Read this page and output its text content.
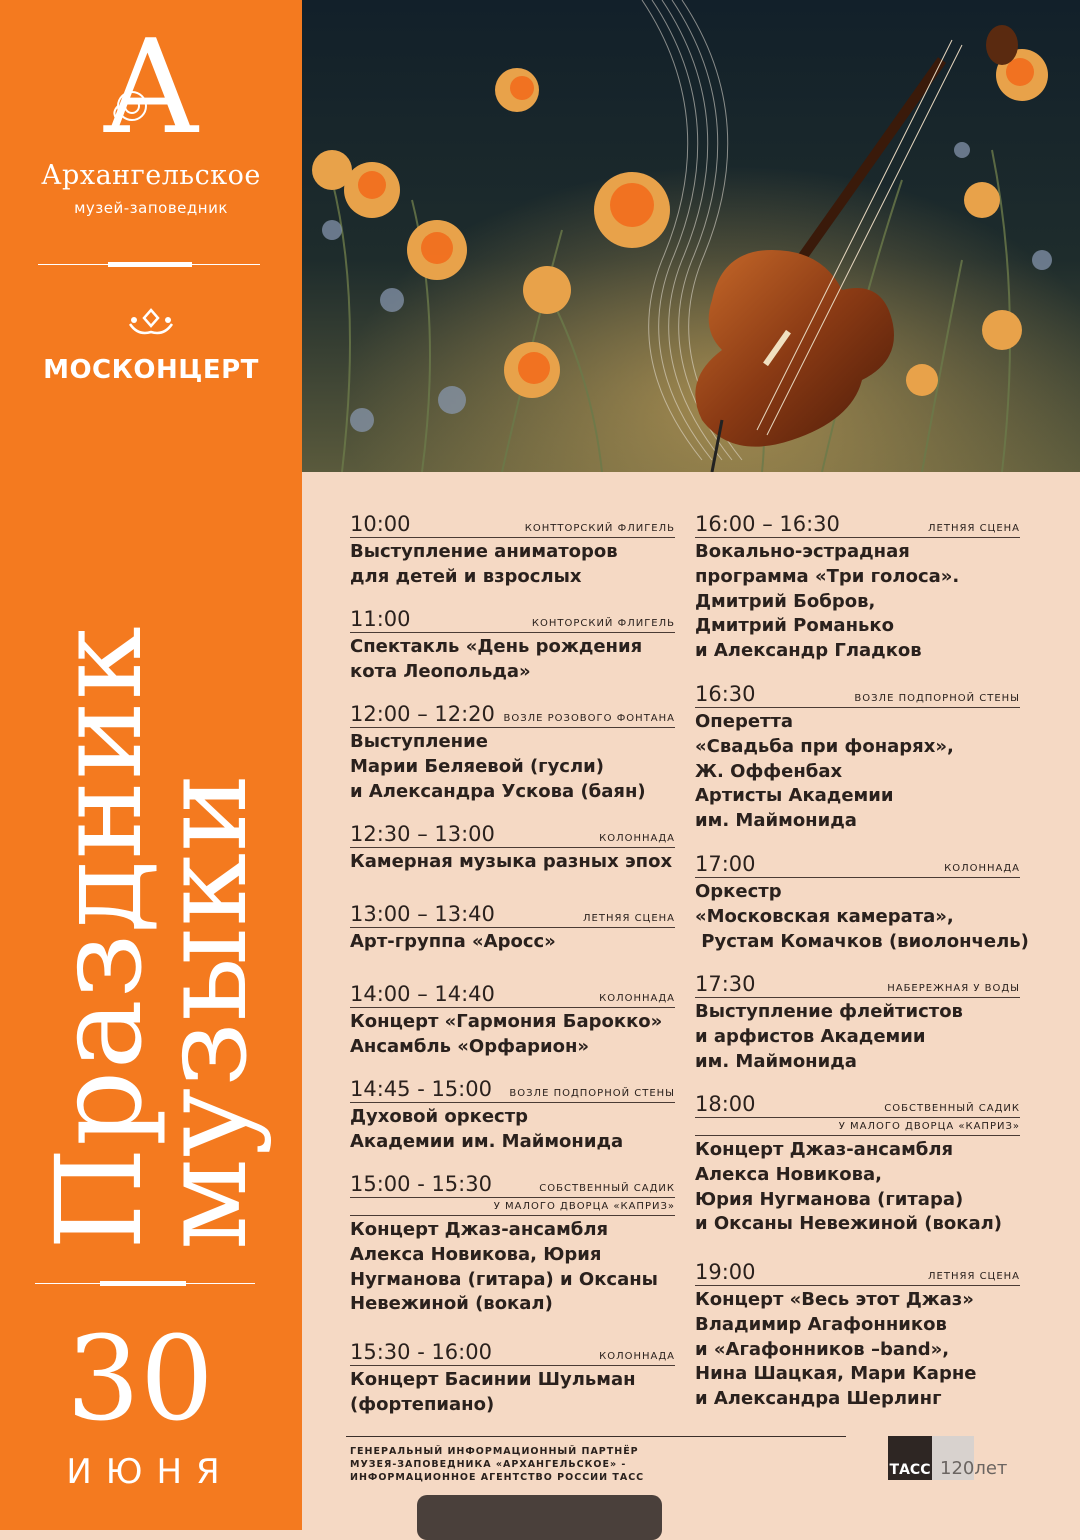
А
Архангельское
музей-заповедник
МОСКОНЦЕРТ
Праздник
музыки
30
ИЮНЯ
10:00	КОНТТОРСКИЙ ФЛИГЕЛЬ
Выступление аниматоров
для детей и взрослых
11:00	КОНТОРСКИЙ ФЛИГЕЛЬ
Спектакль «День рождения
кота Леопольда»
12:00 – 12:20 ВОЗЛЕ РОЗОВОГО ФОНТАНА
Выступление
Марии Беляевой (гусли)
и Александра Ускова (баян)
12:30 – 13:00	КОЛОННАДА
Камерная музыка разных эпох
13:00 – 13:40	ЛЕТНЯЯ СЦЕНА
Арт-группа «Аросс»
14:00 – 14:40	КОЛОННАДА
Концерт «Гармония Барокко»
Ансамбль «Орфарион»
14:45 - 15:00 ВОЗЛЕ ПОДПОРНОЙ СТЕНЫ
Духовой оркестр
Академии им. Маймонида
15:00 - 15:30	СОБСТВЕННЫЙ САДИК
У МАЛОГО ДВОРЦА «КАПРИЗ»
Концерт Джаз-ансамбля
Алекса Новикова, Юрия
Нугманова (гитара) и Оксаны
Невежиной (вокал)
15:30 - 16:00	КОЛОННАДА
Концерт Басинии Шульман
(фортепиано)
16:00 – 16:30	ЛЕТНЯЯ СЦЕНА
Вокально-эстрадная
программа «Три голоса».
Дмитрий Бобров,
Дмитрий Романько
и Александр Гладков
16:30	ВОЗЛЕ ПОДПОРНОЙ СТЕНЫ
Оперетта
«Свадьба при фонарях»,
Ж. Оффенбах
Артисты Академии
им. Маймонида
17:00	КОЛОННАДА
Оркестр
«Московская камерата»,
Рустам Комачков (виолончель)
17:30	НАБЕРЕЖНАЯ У ВОДЫ
Выступление флейтистов
и арфистов Академии
им. Маймонида
18:00	СОБСТВЕННЫЙ САДИК
У МАЛОГО ДВОРЦА «КАПРИЗ»
Концерт Джаз-ансамбля
Алекса Новикова,
Юрия Нугманова (гитара)
и Оксаны Невежиной (вокал)
19:00	ЛЕТНЯЯ СЦЕНА
Концерт «Весь этот Джаз»
Владимир Агафонников
и «Агафонников –band»,
Нина Шацкая, Мари Карне
и Александра Шерлинг
ГЕНЕРАЛЬНЫЙ ИНФОРМАЦИОННЫЙ ПАРТНЁР МУЗЕЯ-ЗАПОВЕДНИКА «АРХАНГЕЛЬСКОЕ» - ИНФОРМАЦИОННОЕ АГЕНТСТВО РОССИИ ТАСС	ТАСС 120лет
